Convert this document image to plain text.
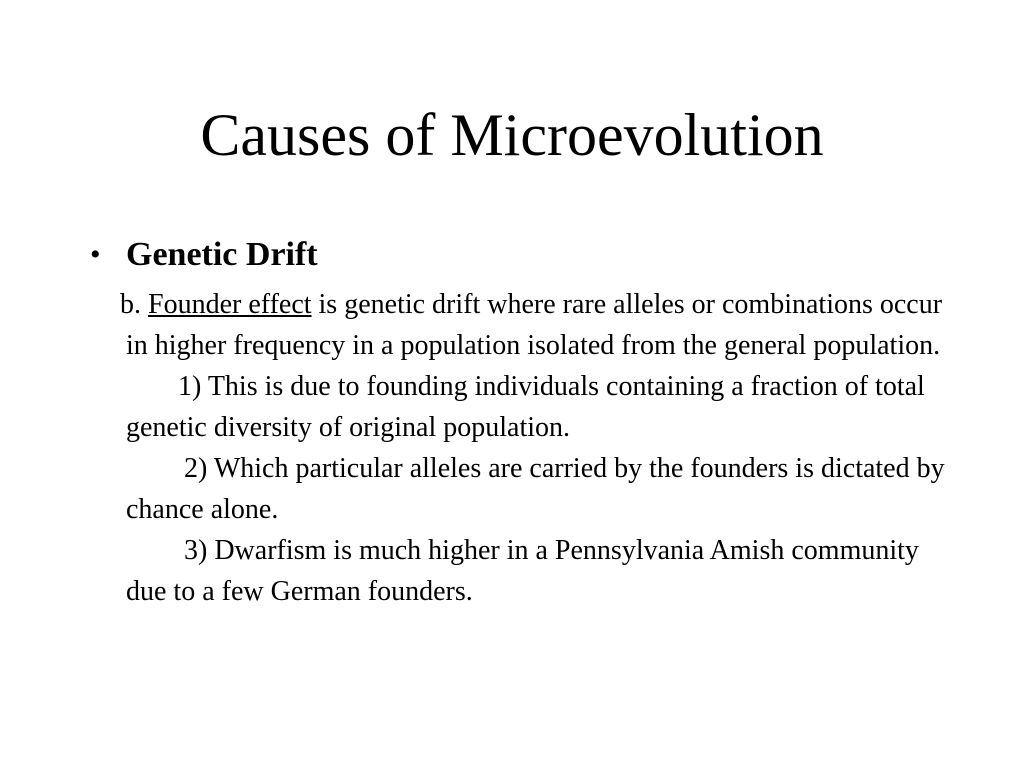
Causes of Microevolution
• Genetic Drift

b. Founder effect is genetic drift where rare alleles or combinations occur in higher frequency in a population isolated from the general population.

1) This is due to founding individuals containing a fraction of total genetic diversity of original population.

2) Which particular alleles are carried by the founders is dictated by chance alone.

3) Dwarfism is much higher in a Pennsylvania Amish community due to a few German founders.
